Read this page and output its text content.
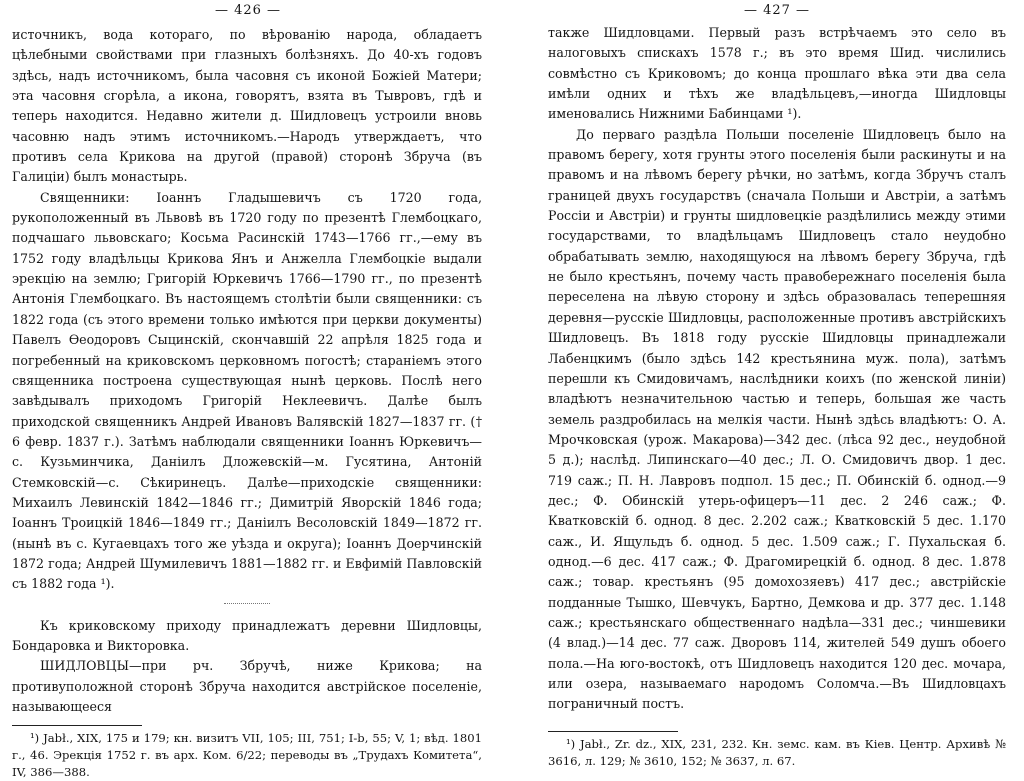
— 426 —

источникъ, вода котораго, по вѣрованію народа, обладаетъ цѣлебными свойствами при глазныхъ болѣзняхъ. До 40-хъ годовъ здѣсь, надъ источникомъ, была часовня съ иконой Божіей Матери; эта часовня сгорѣла, а икона, говорятъ, взята въ Тывровъ, гдѣ и теперь находится. Недавно жители д. Шидловецъ устроили вновь часовню надъ этимъ источникомъ.—Народъ утверждаетъ, что противъ села Крикова на другой (правой) сторонѣ Збруча (въ Галиціи) былъ монастырь.

Священники: Іоаннъ Гладышевичъ съ 1720 года, рукоположенный въ Львовѣ въ 1720 году по презентѣ Глембоцкаго, подчашаго львовскаго; Косьма Расинскій 1743—1766 гг.,—ему въ 1752 году владѣльцы Крикова Янъ и Анжелла Глембоцкіе выдали эрекцію на землю; Григорій Юркевичъ 1766—1790 гг., по презентѣ Антонія Глембоцкаго. Въ настоящемъ столѣтіи были священники: съ 1822 года (съ этого времени только имѣются при церкви документы) Павелъ Ѳеодоровъ Сыцинскій, скончавшій 22 апрѣля 1825 года и погребенный на криковскомъ церковномъ погостѣ; стараніемъ этого священника построена существующая нынѣ церковь. Послѣ него завѣдывалъ приходомъ Григорій Неклеевичъ. Далѣе былъ приходской священникъ Андрей Ивановъ Валявскій 1827—1837 гг. († 6 февр. 1837 г.). Затѣмъ наблюдали священники Іоаннъ Юркевичъ—с. Кузьминчика, Даніилъ Дложевскій—м. Гусятина, Антоній Стемковскій—с. Сѣкиринецъ. Далѣе—приходскіе священники: Михаилъ Левинскій 1842—1846 гг.; Димитрій Яворскій 1846 года; Іоаннъ Троицкій 1846—1849 гг.; Даніилъ Весоловскій 1849—1872 гг. (нынѣ въ с. Кугаевцахъ того же уѣзда и округа); Іоаннъ Доерчинскій 1872 года; Андрей Шумилевичъ 1881—1882 гг. и Евфимій Павловскій съ 1882 года ¹).

Къ криковскому приходу принадлежатъ деревни Шидловцы, Бондаровка и Викторовка.

ШИДЛОВЦЫ—при рч. Збручѣ, ниже Крикова; на противуположной сторонѣ Збруча находится австрійское поселеніе, называющееся

¹) Jabł., XIX, 175 и 179; кн. визитъ VII, 105; III, 751; I-b, 55; V, 1; вѣд. 1801 г., 46. Эрекція 1752 г. въ арх. Ком. 6/22; переводы въ „Трудахъ Комитета“, IV, 386—388.

— 427 —

также Шидловцами. Первый разъ встрѣчаемъ это село въ налоговыхъ спискахъ 1578 г.; въ это время Шид. числились совмѣстно съ Криковомъ; до конца прошлаго вѣка эти два села имѣли одних и тѣхъ же владѣльцевъ,—иногда Шидловцы именовались Нижними Бабинцами ¹).

До перваго раздѣла Польши поселеніе Шидловецъ было на правомъ берегу, хотя грунты этого поселенія были раскинуты и на правомъ и на лѣвомъ берегу рѣчки, но затѣмъ, когда Збручъ сталъ границей двухъ государствъ (сначала Польши и Австріи, а затѣмъ Россіи и Австріи) и грунты шидловецкіе раздѣлились между этими государствами, то владѣльцамъ Шидловецъ стало неудобно обрабатывать землю, находящуюся на лѣвомъ берегу Збруча, гдѣ не было крестьянъ, почему часть правобережнаго поселенія была переселена на лѣвую сторону и здѣсь образовалась теперешняя деревня—русскіе Шидловцы, расположенные противъ австрійскихъ Шидловецъ. Въ 1818 году русскіе Шидловцы принадлежали Лабенцкимъ (было здѣсь 142 крестьянина муж. пола), затѣмъ перешли къ Смидовичамъ, наслѣдники коихъ (по женской линіи) владѣютъ незначительною частью и теперь, большая же часть земель раздробилась на мелкія части. Нынѣ здѣсь владѣютъ: О. А. Мрочковская (урож. Макарова)—342 дес. (лѣса 92 дес., неудобной 5 д.); наслѣд. Липинскаго—40 дес.; Л. О. Смидовичъ двор. 1 дес. 719 саж.; П. Н. Лавровъ подпол. 15 дес.; П. Обинскій б. однод.—9 дес.; Ф. Обинскій утерь-офицеръ—11 дес. 2 246 саж.; Ф. Кватковскій б. однод. 8 дес. 2.202 саж.; Кватковскій 5 дес. 1.170 саж., И. Ящульдъ б. однод. 5 дес. 1.509 саж.; Г. Пухальская б. однод.—6 дес. 417 саж.; Ф. Драгомирецкій б. однод. 8 дес. 1.878 саж.; товар. крестьянъ (95 домохозяевъ) 417 дес.; австрійскіе подданные Тышко, Шевчукъ, Бартно, Демкова и др. 377 дес. 1.148 саж.; крестьянскаго общественнаго надѣла—331 дес.; чиншевики (4 влад.)—14 дес. 77 саж. Дворовъ 114, жителей 549 душъ обоего пола.—На юго-востокѣ, отъ Шидловецъ находится 120 дес. мочара, или озера, называемаго народомъ Соломча.—Въ Шидловцахъ пограничный постъ.

¹) Jabł., Zr. dz., XIX, 231, 232. Кн. земс. кам. въ Кіев. Центр. Архивѣ № 3616, л. 129; № 3610, 152; № 3637, л. 67.
